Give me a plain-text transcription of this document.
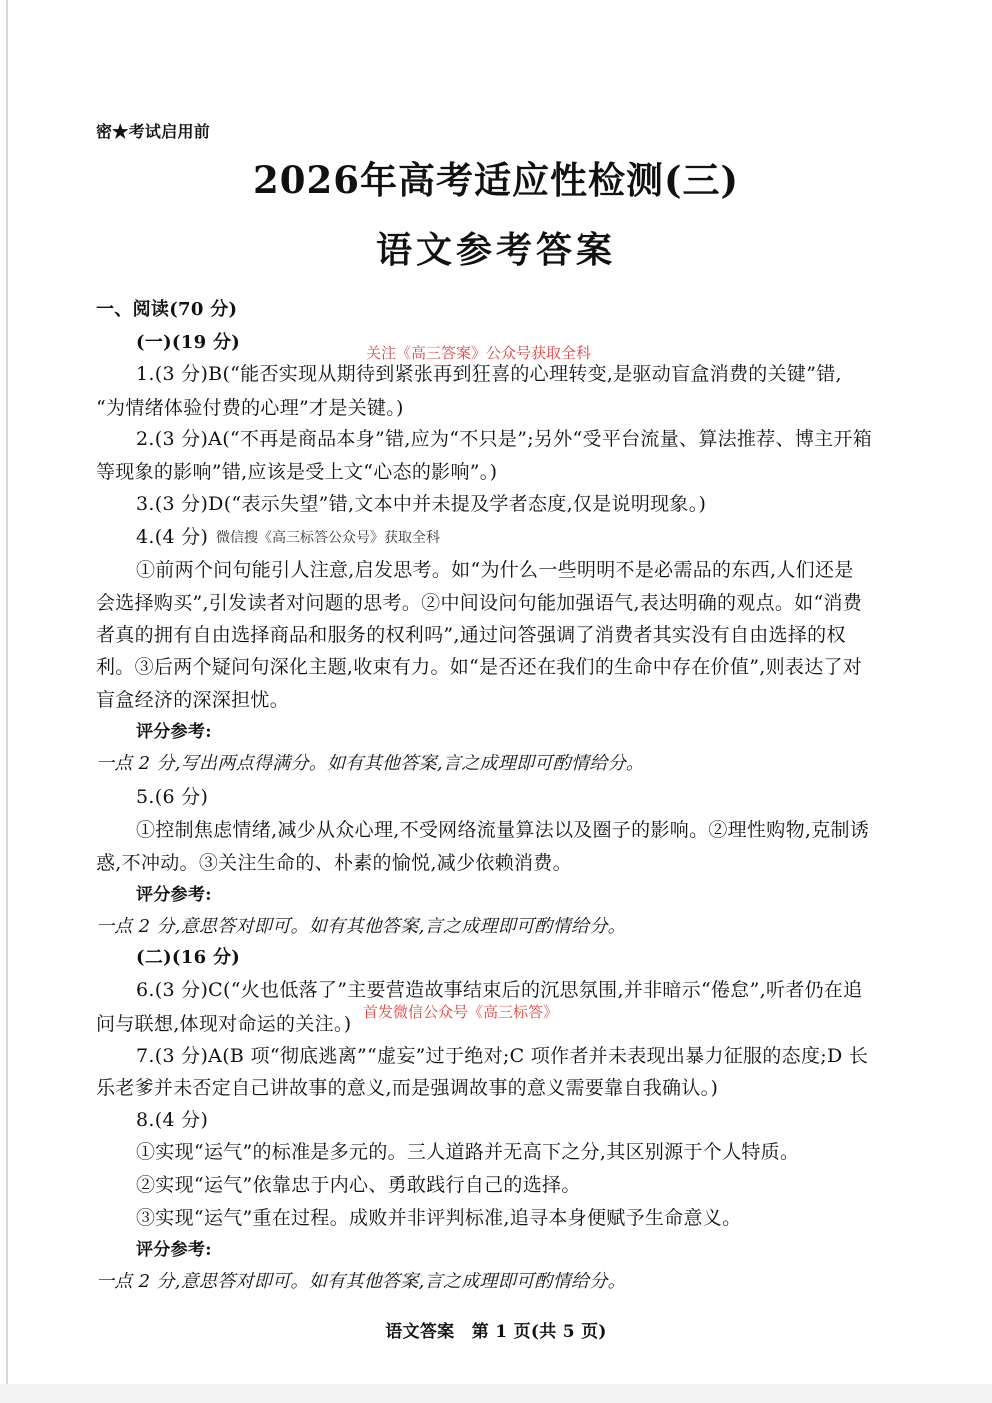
密★考试启用前
2026年高考适应性检测(三)
语文参考答案
一、阅读(70 分)
(一)(19 分)	关注《高三答案》公众号获取全科
1.(3 分)B(“能否实现从期待到紧张再到狂喜的心理转变,是驱动盲盒消费的关键”错,
“为情绪体验付费的心理”才是关键。)
2.(3 分)A(“不再是商品本身”错,应为“不只是”;另外“受平台流量、算法推荐、博主开箱
等现象的影响”错,应该是受上文“心态的影响”。)
3.(3 分)D(“表示失望”错,文本中并未提及学者态度,仅是说明现象。)
4.(4 分) 微信搜《高三标答公众号》获取全科
①前两个问句能引人注意,启发思考。如“为什么一些明明不是必需品的东西,人们还是
会选择购买”,引发读者对问题的思考。②中间设问句能加强语气,表达明确的观点。如“消费
者真的拥有自由选择商品和服务的权利吗”,通过问答强调了消费者其实没有自由选择的权
利。③后两个疑问句深化主题,收束有力。如“是否还在我们的生命中存在价值”,则表达了对
盲盒经济的深深担忧。
评分参考:
一点 2 分,写出两点得满分。如有其他答案,言之成理即可酌情给分。
5.(6 分)
①控制焦虑情绪,减少从众心理,不受网络流量算法以及圈子的影响。②理性购物,克制诱
惑,不冲动。③关注生命的、朴素的愉悦,减少依赖消费。
评分参考:
一点 2 分,意思答对即可。如有其他答案,言之成理即可酌情给分。
(二)(16 分)
6.(3 分)C(“火也低落了”主要营造故事结束后的沉思氛围,并非暗示“倦怠”,听者仍在追
问与联想,体现对命运的关注。)
首发微信公众号《高三标答》
7.(3 分)A(B 项“彻底逃离”“虚妄”过于绝对;C 项作者并未表现出暴力征服的态度;D 长
乐老爹并未否定自己讲故事的意义,而是强调故事的意义需要靠自我确认。)
8.(4 分)
①实现“运气”的标准是多元的。三人道路并无高下之分,其区别源于个人特质。
②实现“运气”依靠忠于内心、勇敢践行自己的选择。
③实现“运气”重在过程。成败并非评判标准,追寻本身便赋予生命意义。
评分参考:
一点 2 分,意思答对即可。如有其他答案,言之成理即可酌情给分。
语文答案　第 1 页(共 5 页)
